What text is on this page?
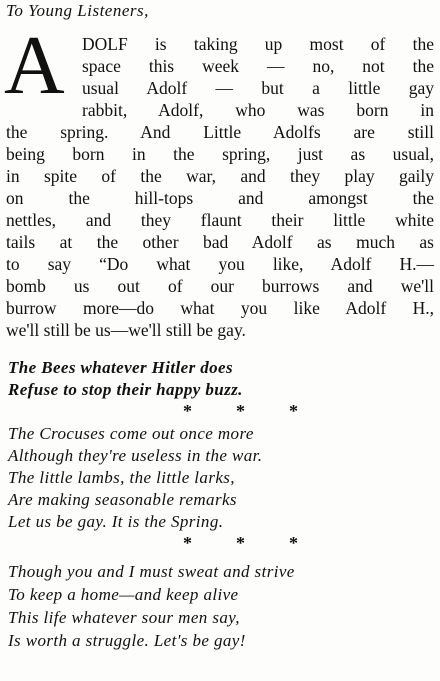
To Young Listeners,
A DOLF is taking up most of the
space this week — no, not the
usual Adolf — but a little gay
rabbit, Adolf, who was born in
the spring. And Little Adolfs are still
being born in the spring, just as usual,
in spite of the war, and they play gaily
on the hill-tops and amongst the
nettles, and they flaunt their little white
tails at the other bad Adolf as much as
to say “Do what you like, Adolf H.—
bomb us out of our burrows and we'll
burrow more—do what you like Adolf H.,
we'll still be us—we'll still be gay.
The Bees whatever Hitler does
Refuse to stop their happy buzz.
* * *
The Crocuses come out once more
Although they're useless in the war.
The little lambs, the little larks,
Are making seasonable remarks
Let us be gay. It is the Spring.
* * *
Though you and I must sweat and strive
To keep a home—and keep alive
This life whatever sour men say,
Is worth a struggle. Let's be gay!
